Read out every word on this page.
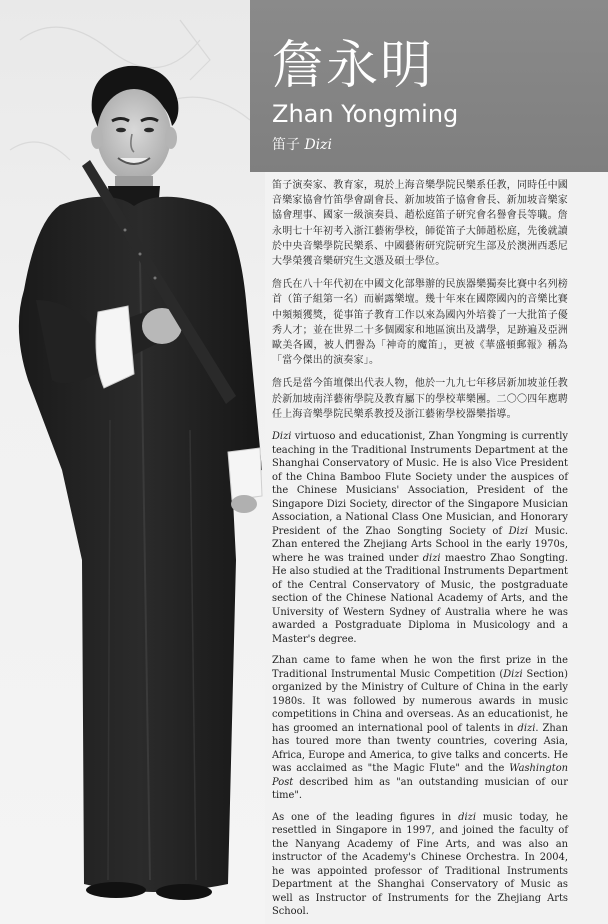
詹永明
Zhan Yongming
笛子 Dizi

笛子演奏家、教育家，現於上海音樂學院民樂系任教，同時任中國音樂家協會竹笛學會副會長、新加坡笛子協會會長、新加坡音樂家協會理事、國家一級演奏員、趙松庭笛子研究會名譽會長等職。詹永明七十年初考入浙江藝術學校，師從笛子大師趙松庭，先後就讀於中央音樂學院民樂系、中國藝術研究院研究生部及於澳洲西悉尼大學榮獲音樂研究生文憑及碩士學位。

詹氏在八十年代初在中國文化部舉辦的民族器樂獨奏比賽中名列榜首（笛子組第一名）而嶄露樂壇。幾十年來在國際國內的音樂比賽中頻頻獲獎，從事笛子教育工作以來為國內外培養了一大批笛子優秀人才；並在世界二十多個國家和地區演出及講學，足跡遍及亞洲歐美各國，被人們譽為「神奇的魔笛」，更被《華盛頓郵報》稱為「當今傑出的演奏家」。

詹氏是當今笛壇傑出代表人物，他於一九九七年移居新加坡並任教於新加坡南洋藝術學院及教育屬下的學校華樂團。二〇〇四年應聘任上海音樂學院民樂系教授及浙江藝術學校器樂指導。

Dizi virtuoso and educationist, Zhan Yongming is currently teaching in the Traditional Instruments Department at the Shanghai Conservatory of Music. He is also Vice President of the China Bamboo Flute Society under the auspices of the Chinese Musicians' Association, President of the Singapore Dizi Society, director of the Singapore Musician Association, a National Class One Musician, and Honorary President of the Zhao Songting Society of Dizi Music. Zhan entered the Zhejiang Arts School in the early 1970s, where he was trained under dizi maestro Zhao Songting. He also studied at the Traditional Instruments Department of the Central Conservatory of Music, the postgraduate section of the Chinese National Academy of Arts, and the University of Western Sydney of Australia where he was awarded a Postgraduate Diploma in Musicology and a Master's degree.

Zhan came to fame when he won the first prize in the Traditional Instrumental Music Competition (Dizi Section) organized by the Ministry of Culture of China in the early 1980s. It was followed by numerous awards in music competitions in China and overseas. As an educationist, he has groomed an international pool of talents in dizi. Zhan has toured more than twenty countries, covering Asia, Africa, Europe and America, to give talks and concerts. He was acclaimed as "the Magic Flute" and the Washington Post described him as "an outstanding musician of our time".

As one of the leading figures in dizi music today, he resettled in Singapore in 1997, and joined the faculty of the Nanyang Academy of Fine Arts, and was also an instructor of the Academy's Chinese Orchestra. In 2004, he was appointed professor of Traditional Instruments Department at the Shanghai Conservatory of Music as well as Instructor of Instruments for the Zhejiang Arts School.
